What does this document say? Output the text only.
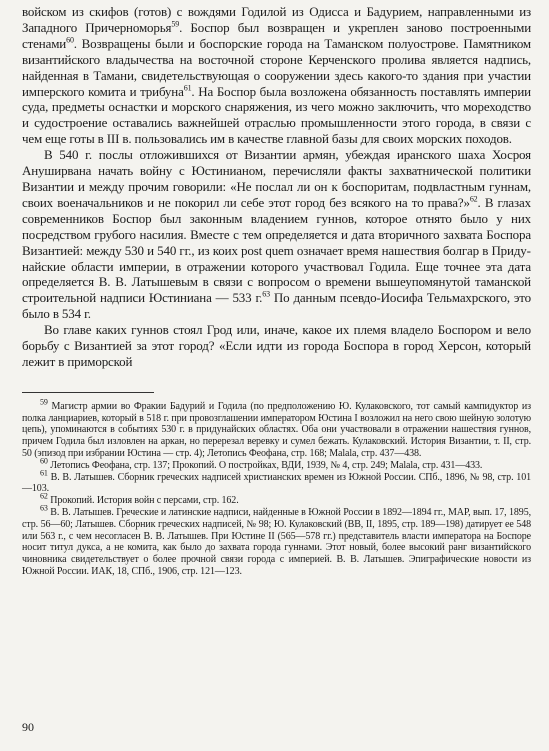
войском из скифов (готов) с вождями Годилой из Одисса и Бадурием, направленными из Западного Причерноморья$^{59}$. Боспор был возвращен и укреплен заново построенными стенами$^{60}$. Возвращены были и боспорские города на Таманском полуострове. Памятником византийского владычества на восточной стороне Керченского пролива является надпись, найденная в Тамани, свидетельствующая о сооружении здесь какого-то здания при участии имперского комита и трибуна$^{61}$. На Боспор была возложена обязанность поставлять империи суда, предметы оснастки и морского снаряжения, из чего можно заключить, что мореходство и судостроение оставались важнейшей отраслью промышленности этого города, в связи с чем еще готы в III в. пользовались им в качестве главной базы для своих морских походов.

В 540 г. послы отложившихся от Византии армян, убеждая иранского шаха Хосроя Ануширвана начать войну с Юстинианом, перечисляли факты захватнической политики Византии и между прочим говорили: «Не послал ли он к боспоритам, подвластным гуннам, своих военачальников и не покорил ли себе этот город без всякого на то права?»$^{62}$. В глазах современников Боспор был законным владением гуннов, которое отнято было у них посредством грубого насилия. Вместе с тем определяется и дата вторичного захвата Боспора Византией: между 530 и 540 гг., из коих post quem означает время нашествия болгар в Придунайские области империи, в отражении которого участвовал Годила. Еще точнее эта дата определяется В. В. Латышевым в связи с вопросом о времени вышеупомянутой таманской строительной надписи Юстиниана — 533 г.$^{63}$ По данным псевдо-Иосифа Тельмахрского, это было в 534 г.

Во главе каких гуннов стоял Грод или, иначе, какое их племя владело Боспором и вело борьбу с Византией за этот город? «Если идти из города Боспора в город Херсон, который лежит в приморской

$^{59}$ Магистр армии во Фракии Бадурий и Годила (по предположению Ю. Кулаковского, тот самый кампидуктор из полка ланциариев, который в 518 г. при провозглашении императором Юстина I возложил на него свою шейную золотую цепь), упоминаются в событиях 530 г. в придунайских областях. Оба они участвовали в отражении нашествия гуннов, причем Годила был изловлен на аркан, но перерезал веревку и сумел бежать. Кулаковский. История Византии, т. II, стр. 50 (эпизод при избрании Юстина — стр. 4); Летопись Феофана, стр. 168; Malala, стр. 437—438.

$^{60}$ Летопись Феофана, стр. 137; Прокопий. О постройках, ВДИ, 1939, № 4, стр. 249; Malala, стр. 431—433.

$^{61}$ В. В. Латышев. Сборник греческих надписей христианских времен из Южной России. СПб., 1896, № 98, стр. 101—103.

$^{62}$ Прокопий. История войн с персами, стр. 162.

$^{63}$ В. В. Латышев. Греческие и латинские надписи, найденные в Южной России в 1892—1894 гг., МАР, вып. 17, 1895, стр. 56—60; Латышев. Сборник греческих надписей, № 98; Ю. Кулаковский (ВВ, II, 1895, стр. 189—198) датирует ее 548 или 563 г., с чем несогласен В. В. Латышев. При Юстине II (565—578 гг.) представитель власти императора на Боспоре носит титул дукса, а не комита, как было до захвата города гуннами. Этот новый, более высокий ранг византийского чиновника свидетельствует о более прочной связи города с империей. В. В. Латышев. Эпиграфические новости из Южной России. ИАК, 18, СПб., 1906, стр. 121—123.

90
